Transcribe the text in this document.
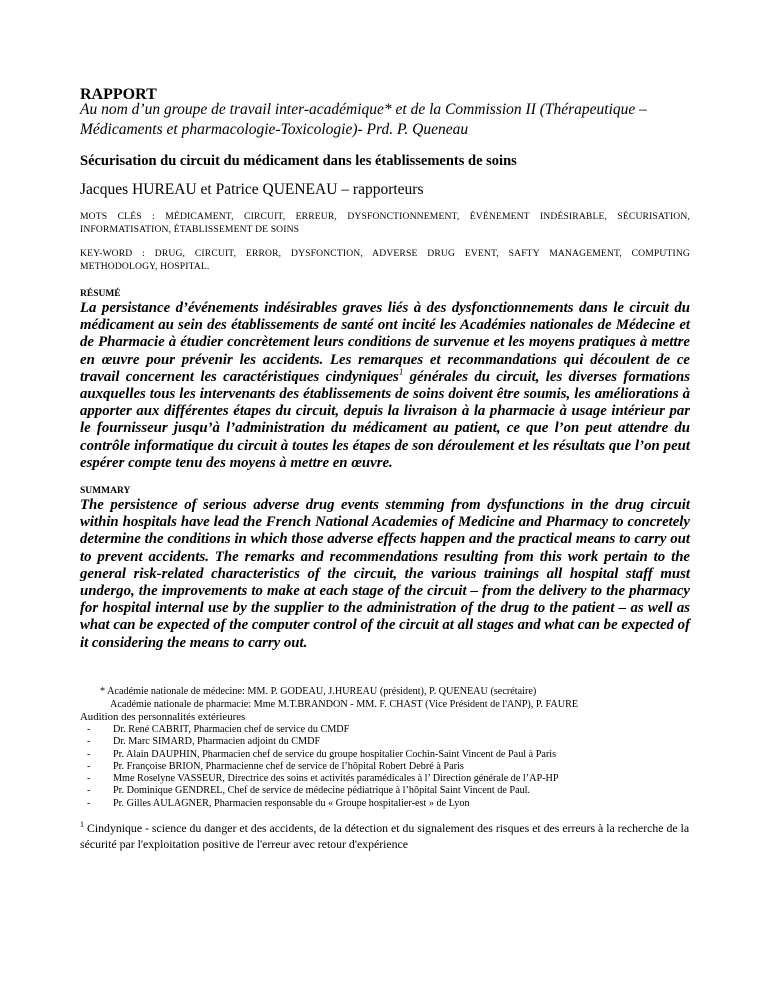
RAPPORT
Au nom d’un groupe de travail inter-académique* et de la Commission II (Thérapeutique – Médicaments et pharmacologie-Toxicologie)- Prd. P. Queneau
Sécurisation du circuit du médicament dans les établissements de soins
Jacques HUREAU et Patrice QUENEAU – rapporteurs
MOTS CLÉS : MÉDICAMENT, CIRCUIT, ERREUR, DYSFONCTIONNEMENT, ÉVÉNEMENT INDÉSIRABLE, SÉCURISATION, INFORMATISATION, ÉTABLISSEMENT DE SOINS
KEY-WORD : DRUG, CIRCUIT, ERROR, DYSFONCTION, ADVERSE DRUG EVENT, SAFTY MANAGEMENT, COMPUTING METHODOLOGY, HOSPITAL.
RÉSUMÉ
La persistance d’événements indésirables graves liés à des dysfonctionnements dans le circuit du médicament au sein des établissements de santé ont incité les Académies nationales de Médecine et de Pharmacie à étudier concrètement leurs conditions de survenue et les moyens pratiques à mettre en œuvre pour prévenir les accidents. Les remarques et recommandations qui découlent de ce travail concernent les caractéristiques cindyniques$^1$ générales du circuit, les diverses formations auxquelles tous les intervenants des établissements de soins doivent être soumis, les améliorations à apporter aux différentes étapes du circuit, depuis la livraison à la pharmacie à usage intérieur par le fournisseur jusqu’à l’administration du médicament au patient, ce que l’on peut attendre du contrôle informatique du circuit à toutes les étapes de son déroulement et les résultats que l’on peut espérer compte tenu des moyens à mettre en œuvre.
SUMMARY
The persistence of serious adverse drug events stemming from dysfunctions in the drug circuit within hospitals have lead the French National Academies of Medicine and Pharmacy to concretely determine the conditions in which those adverse effects happen and the practical means to carry out to prevent accidents. The remarks and recommendations resulting from this work pertain to the general risk-related characteristics of the circuit, the various trainings all hospital staff must undergo, the improvements to make at each stage of the circuit – from the delivery to the pharmacy for hospital internal use by the supplier to the administration of the drug to the patient – as well as what can be expected of the computer control of the circuit at all stages and what can be expected of it considering the means to carry out.
* Académie nationale de médecine: MM. P. GODEAU, J.HUREAU (président), P. QUENEAU (secrétaire)
Académie nationale de pharmacie: Mme M.T.BRANDON - MM. F. CHAST (Vice Président de l'ANP), P. FAURE
Audition des personnalités extérieures
-	Dr. René CABRIT, Pharmacien chef de service du CMDF
-	Dr. Marc SIMARD, Pharmacien adjoint du CMDF
-	Pr. Alain DAUPHIN, Pharmacien chef de service du groupe hospitalier Cochin-Saint Vincent de Paul à Paris
-	Pr. Françoise BRION, Pharmacienne chef de service de l’hôpital Robert Debré à Paris
-	Mme Roselyne VASSEUR, Directrice des soins et activités paramédicales à l’ Direction générale de l’AP-HP
-	Pr. Dominique GENDREL, Chef de service de médecine pédiatrique à l’hôpital Saint Vincent de Paul.
-	Pr. Gilles AULAGNER, Pharmacien responsable du « Groupe hospitalier-est » de Lyon
$^1$ Cindynique - science du danger et des accidents, de la détection et du signalement des risques et des erreurs à la recherche de la sécurité par l'exploitation positive de l'erreur avec retour d'expérience
